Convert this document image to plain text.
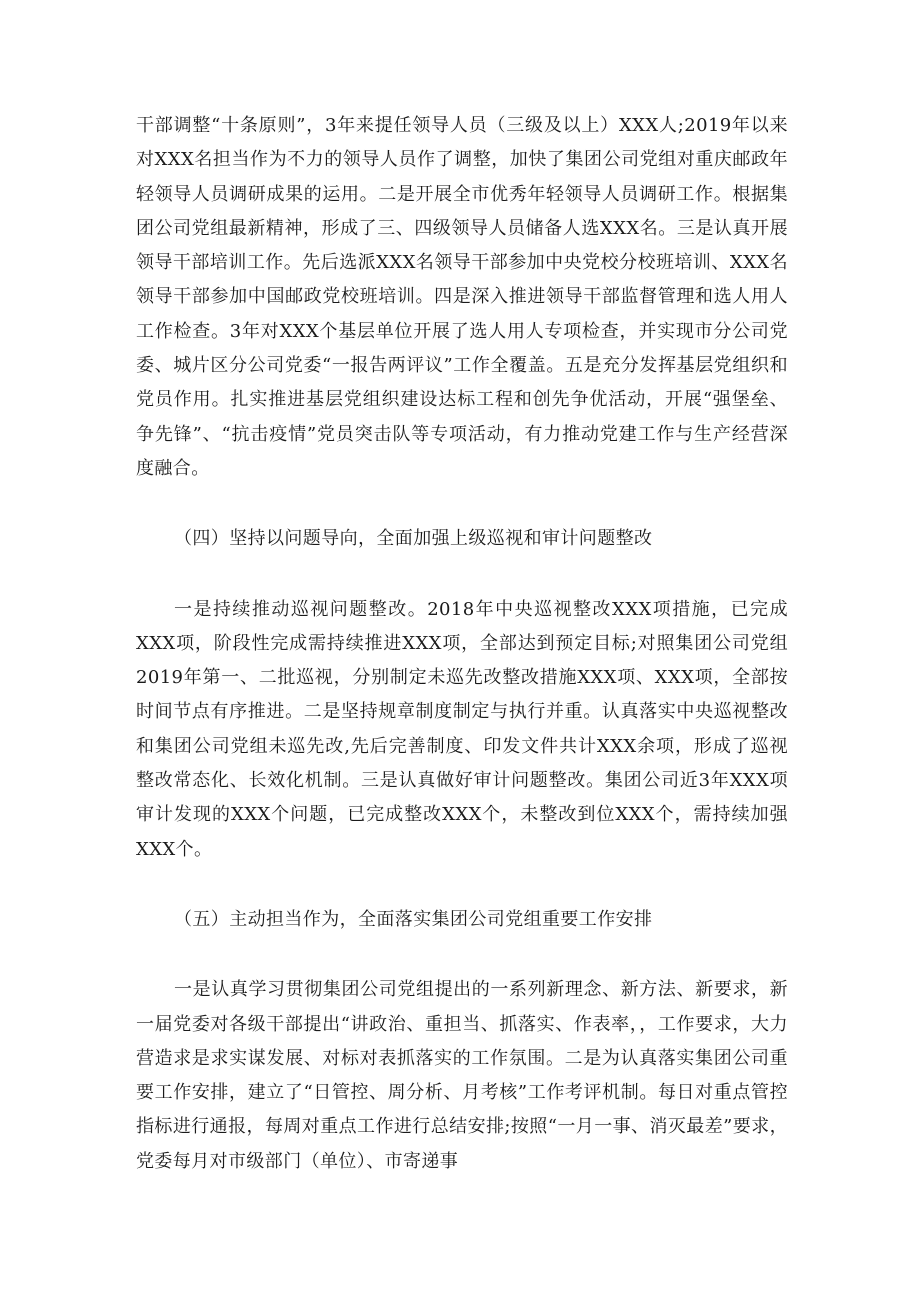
干部调整“十条原则”，3年来提任领导人员（三级及以上）XXX人;2019年以来对XXX名担当作为不力的领导人员作了调整，加快了集团公司党组对重庆邮政年轻领导人员调研成果的运用。二是开展全市优秀年轻领导人员调研工作。根据集团公司党组最新精神，形成了三、四级领导人员储备人选XXX名。三是认真开展领导干部培训工作。先后选派XXX名领导干部参加中央党校分校班培训、XXX名领导干部参加中国邮政党校班培训。四是深入推进领导干部监督管理和选人用人工作检查。3年对XXX个基层单位开展了选人用人专项检查，并实现市分公司党委、城片区分公司党委“一报告两评议”工作全覆盖。五是充分发挥基层党组织和党员作用。扎实推进基层党组织建设达标工程和创先争优活动，开展“强堡垒、争先锋”、“抗击疫情”党员突击队等专项活动，有力推动党建工作与生产经营深度融合。

（四）坚持以问题导向，全面加强上级巡视和审计问题整改

一是持续推动巡视问题整改。2018年中央巡视整改XXX项措施，已完成XXX项，阶段性完成需持续推进XXX项，全部达到预定目标;对照集团公司党组2019年第一、二批巡视，分别制定未巡先改整改措施XXX项、XXX项，全部按时间节点有序推进。二是坚持规章制度制定与执行并重。认真落实中央巡视整改和集团公司党组未巡先改,先后完善制度、印发文件共计XXX余项，形成了巡视整改常态化、长效化机制。三是认真做好审计问题整改。集团公司近3年XXX项审计发现的XXX个问题，已完成整改XXX个，未整改到位XXX个，需持续加强XXX个。

（五）主动担当作为，全面落实集团公司党组重要工作安排

一是认真学习贯彻集团公司党组提出的一系列新理念、新方法、新要求，新一届党委对各级干部提出“讲政治、重担当、抓落实、作表率，，工作要求，大力营造求是求实谋发展、对标对表抓落实的工作氛围。二是为认真落实集团公司重要工作安排，建立了“日管控、周分析、月考核”工作考评机制。每日对重点管控指标进行通报，每周对重点工作进行总结安排;按照“一月一事、消灭最差”要求，党委每月对市级部门（单位）、市寄递事
